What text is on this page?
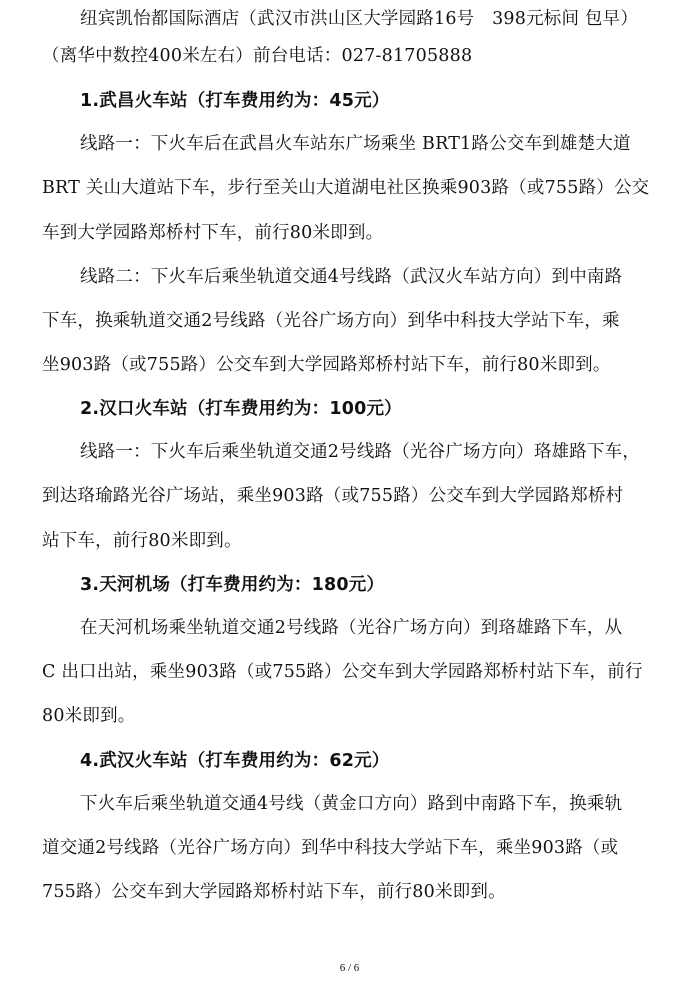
纽宾凯怡都国际酒店（武汉市洪山区大学园路16号　398元标间 包早）
（离华中数控400米左右）前台电话：027-81705888
1.武昌火车站（打车费用约为：45元）
线路一：下火车后在武昌火车站东广场乘坐 BRT1路公交车到雄楚大道
BRT 关山大道站下车，步行至关山大道湖电社区换乘903路（或755路）公交
车到大学园路郑桥村下车，前行80米即到。
线路二：下火车后乘坐轨道交通4号线路（武汉火车站方向）到中南路
下车，换乘轨道交通2号线路（光谷广场方向）到华中科技大学站下车，乘
坐903路（或755路）公交车到大学园路郑桥村站下车，前行80米即到。
2.汉口火车站（打车费用约为：100元）
线路一：下火车后乘坐轨道交通2号线路（光谷广场方向）珞雄路下车，
到达珞瑜路光谷广场站，乘坐903路（或755路）公交车到大学园路郑桥村
站下车，前行80米即到。
3.天河机场（打车费用约为：180元）
在天河机场乘坐轨道交通2号线路（光谷广场方向）到珞雄路下车，从
C 出口出站，乘坐903路（或755路）公交车到大学园路郑桥村站下车，前行
80米即到。
4.武汉火车站（打车费用约为：62元）
下火车后乘坐轨道交通4号线（黄金口方向）路到中南路下车，换乘轨
道交通2号线路（光谷广场方向）到华中科技大学站下车，乘坐903路（或
755路）公交车到大学园路郑桥村站下车，前行80米即到。
6 / 6
